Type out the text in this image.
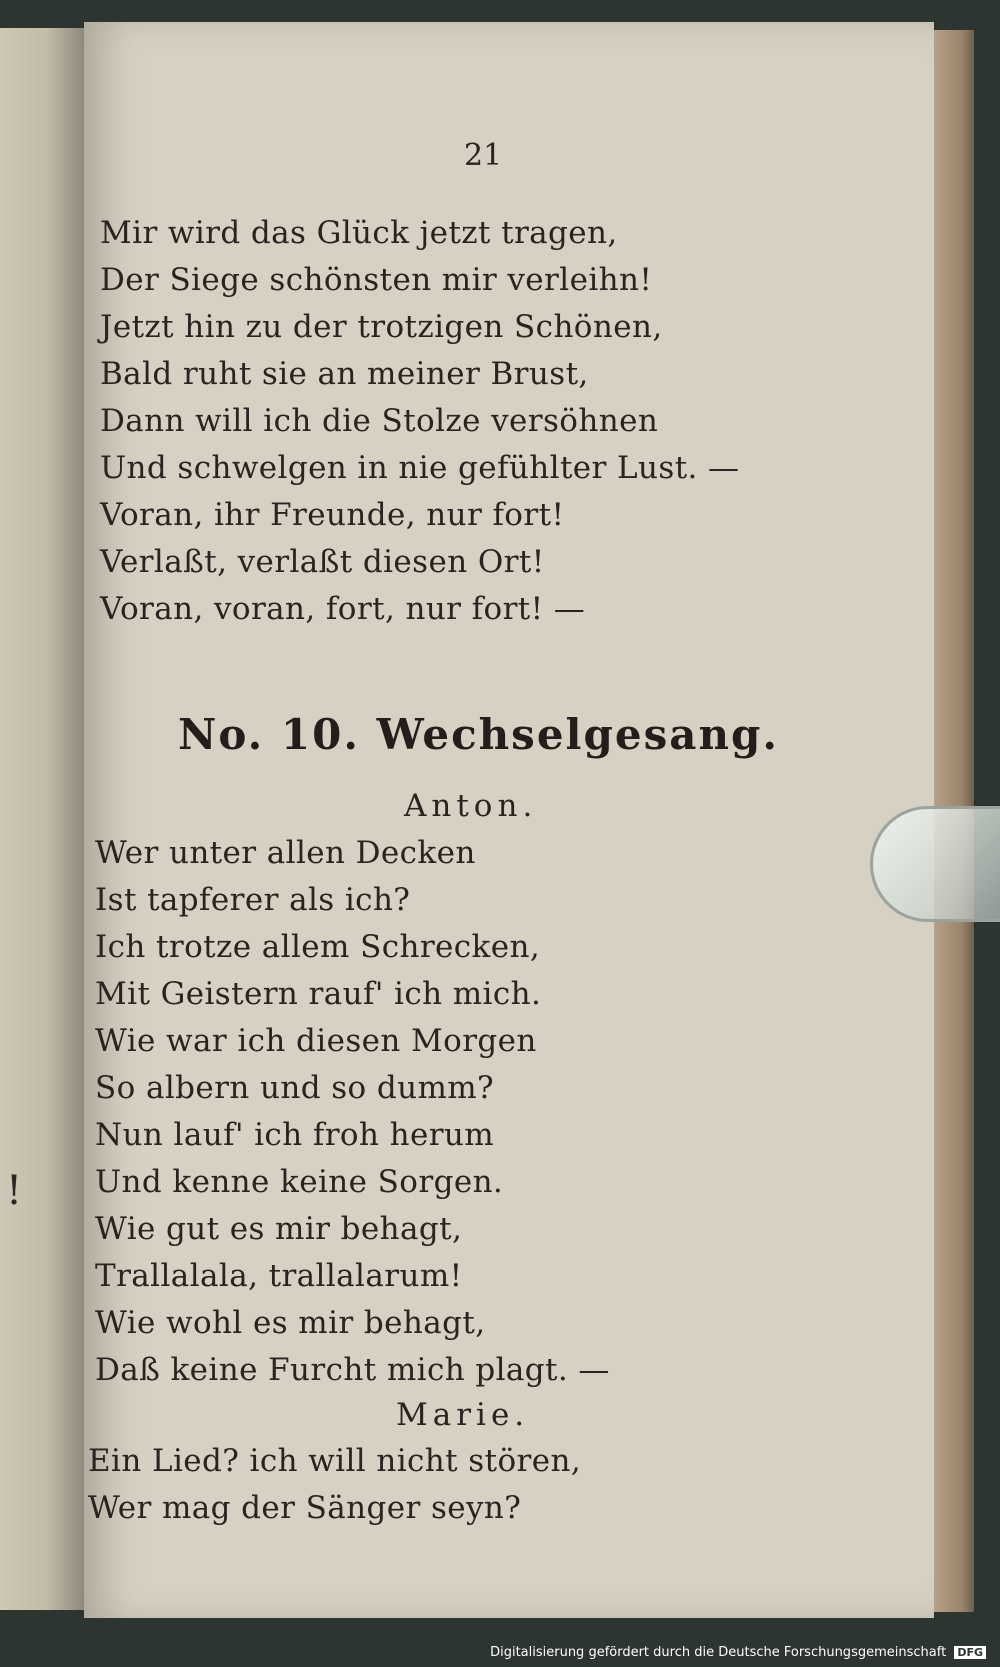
!
21
Mir wird das Glück jetzt tragen,
Der Siege schönsten mir verleihn!
Jetzt hin zu der trotzigen Schönen,
Bald ruht sie an meiner Brust,
Dann will ich die Stolze versöhnen
Und schwelgen in nie gefühlter Lust. —
Voran, ihr Freunde, nur fort!
Verlaßt, verlaßt diesen Ort!
Voran, voran, fort, nur fort! —
No. 10. Wechselgesang.
Anton.
Wer unter allen Decken
Ist tapferer als ich?
Ich trotze allem Schrecken,
Mit Geistern rauf' ich mich.
Wie war ich diesen Morgen
So albern und so dumm?
Nun lauf' ich froh herum
Und kenne keine Sorgen.
Wie gut es mir behagt,
Trallalala, trallalarum!
Wie wohl es mir behagt,
Daß keine Furcht mich plagt. —
Marie.
Ein Lied? ich will nicht stören,
Wer mag der Sänger seyn?
Digitalisierung gefördert durch die Deutsche Forschungsgemeinschaft DFG
